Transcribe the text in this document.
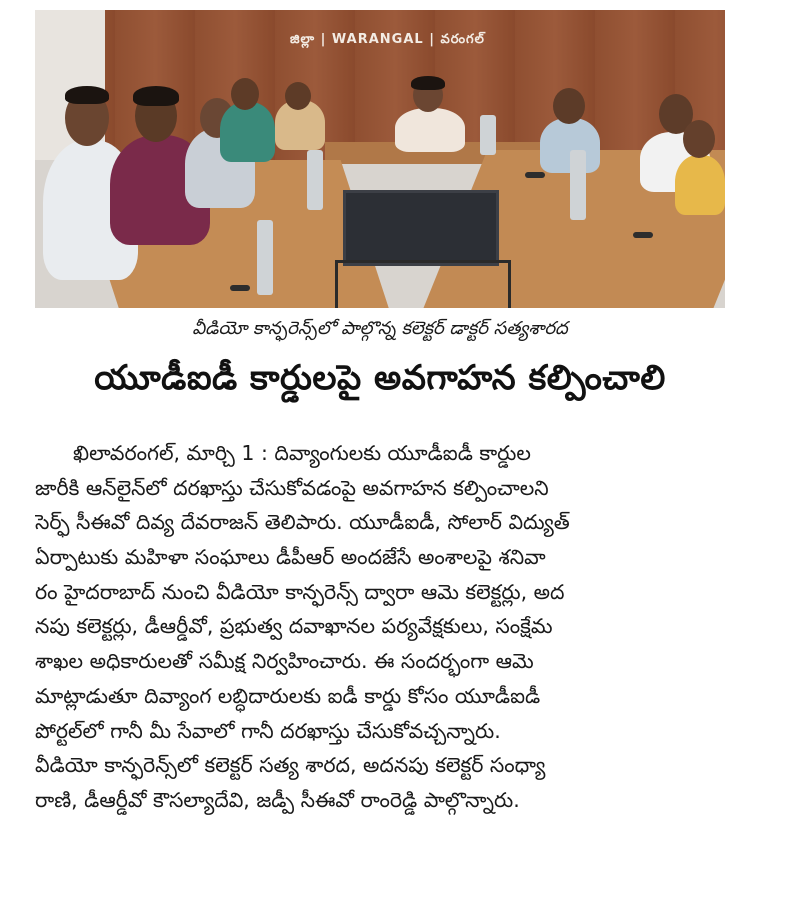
జిల్లా | WARANGAL | వరంగల్
వీడియో కాన్ఫరెన్స్‌లో పాల్గొన్న కలెక్టర్ డాక్టర్ సత్యశారద
యూడీఐడీ కార్డులపై అవగాహన కల్పించాలి
ఖిలావరంగల్, మార్చి 1 : దివ్యాంగులకు యూడీఐడీ కార్డుల
జారీకి ఆన్‌లైన్‌లో దరఖాస్తు చేసుకోవడంపై అవగాహన కల్పించాలని
సెర్ఫ్ సీఈవో దివ్య దేవరాజన్ తెలిపారు. యూడీఐడీ, సోలార్ విద్యుత్
ఏర్పాటుకు మహిళా సంఘాలు డీపీఆర్ అందజేసే అంశాలపై శనివా
రం హైదరాబాద్ నుంచి వీడియో కాన్ఫరెన్స్ ద్వారా ఆమె కలెక్టర్లు, అద
నపు కలెక్టర్లు, డీఆర్డీవో, ప్రభుత్వ దవాఖానల పర్యవేక్షకులు, సంక్షేమ
శాఖల అధికారులతో సమీక్ష నిర్వహించారు. ఈ సందర్భంగా ఆమె
మాట్లాడుతూ దివ్యాంగ లబ్ధిదారులకు ఐడీ కార్డు కోసం యూడీఐడీ
పోర్టల్‌లో గానీ మీ సేవాలో గానీ దరఖాస్తు చేసుకోవచ్చన్నారు.
వీడియో కాన్ఫరెన్స్‌లో కలెక్టర్ సత్య శారద, అదనపు కలెక్టర్ సంధ్యా
రాణి, డీఆర్డీవో కౌసల్యాదేవి, జడ్పీ సీఈవో రాంరెడ్డి పాల్గొన్నారు.
